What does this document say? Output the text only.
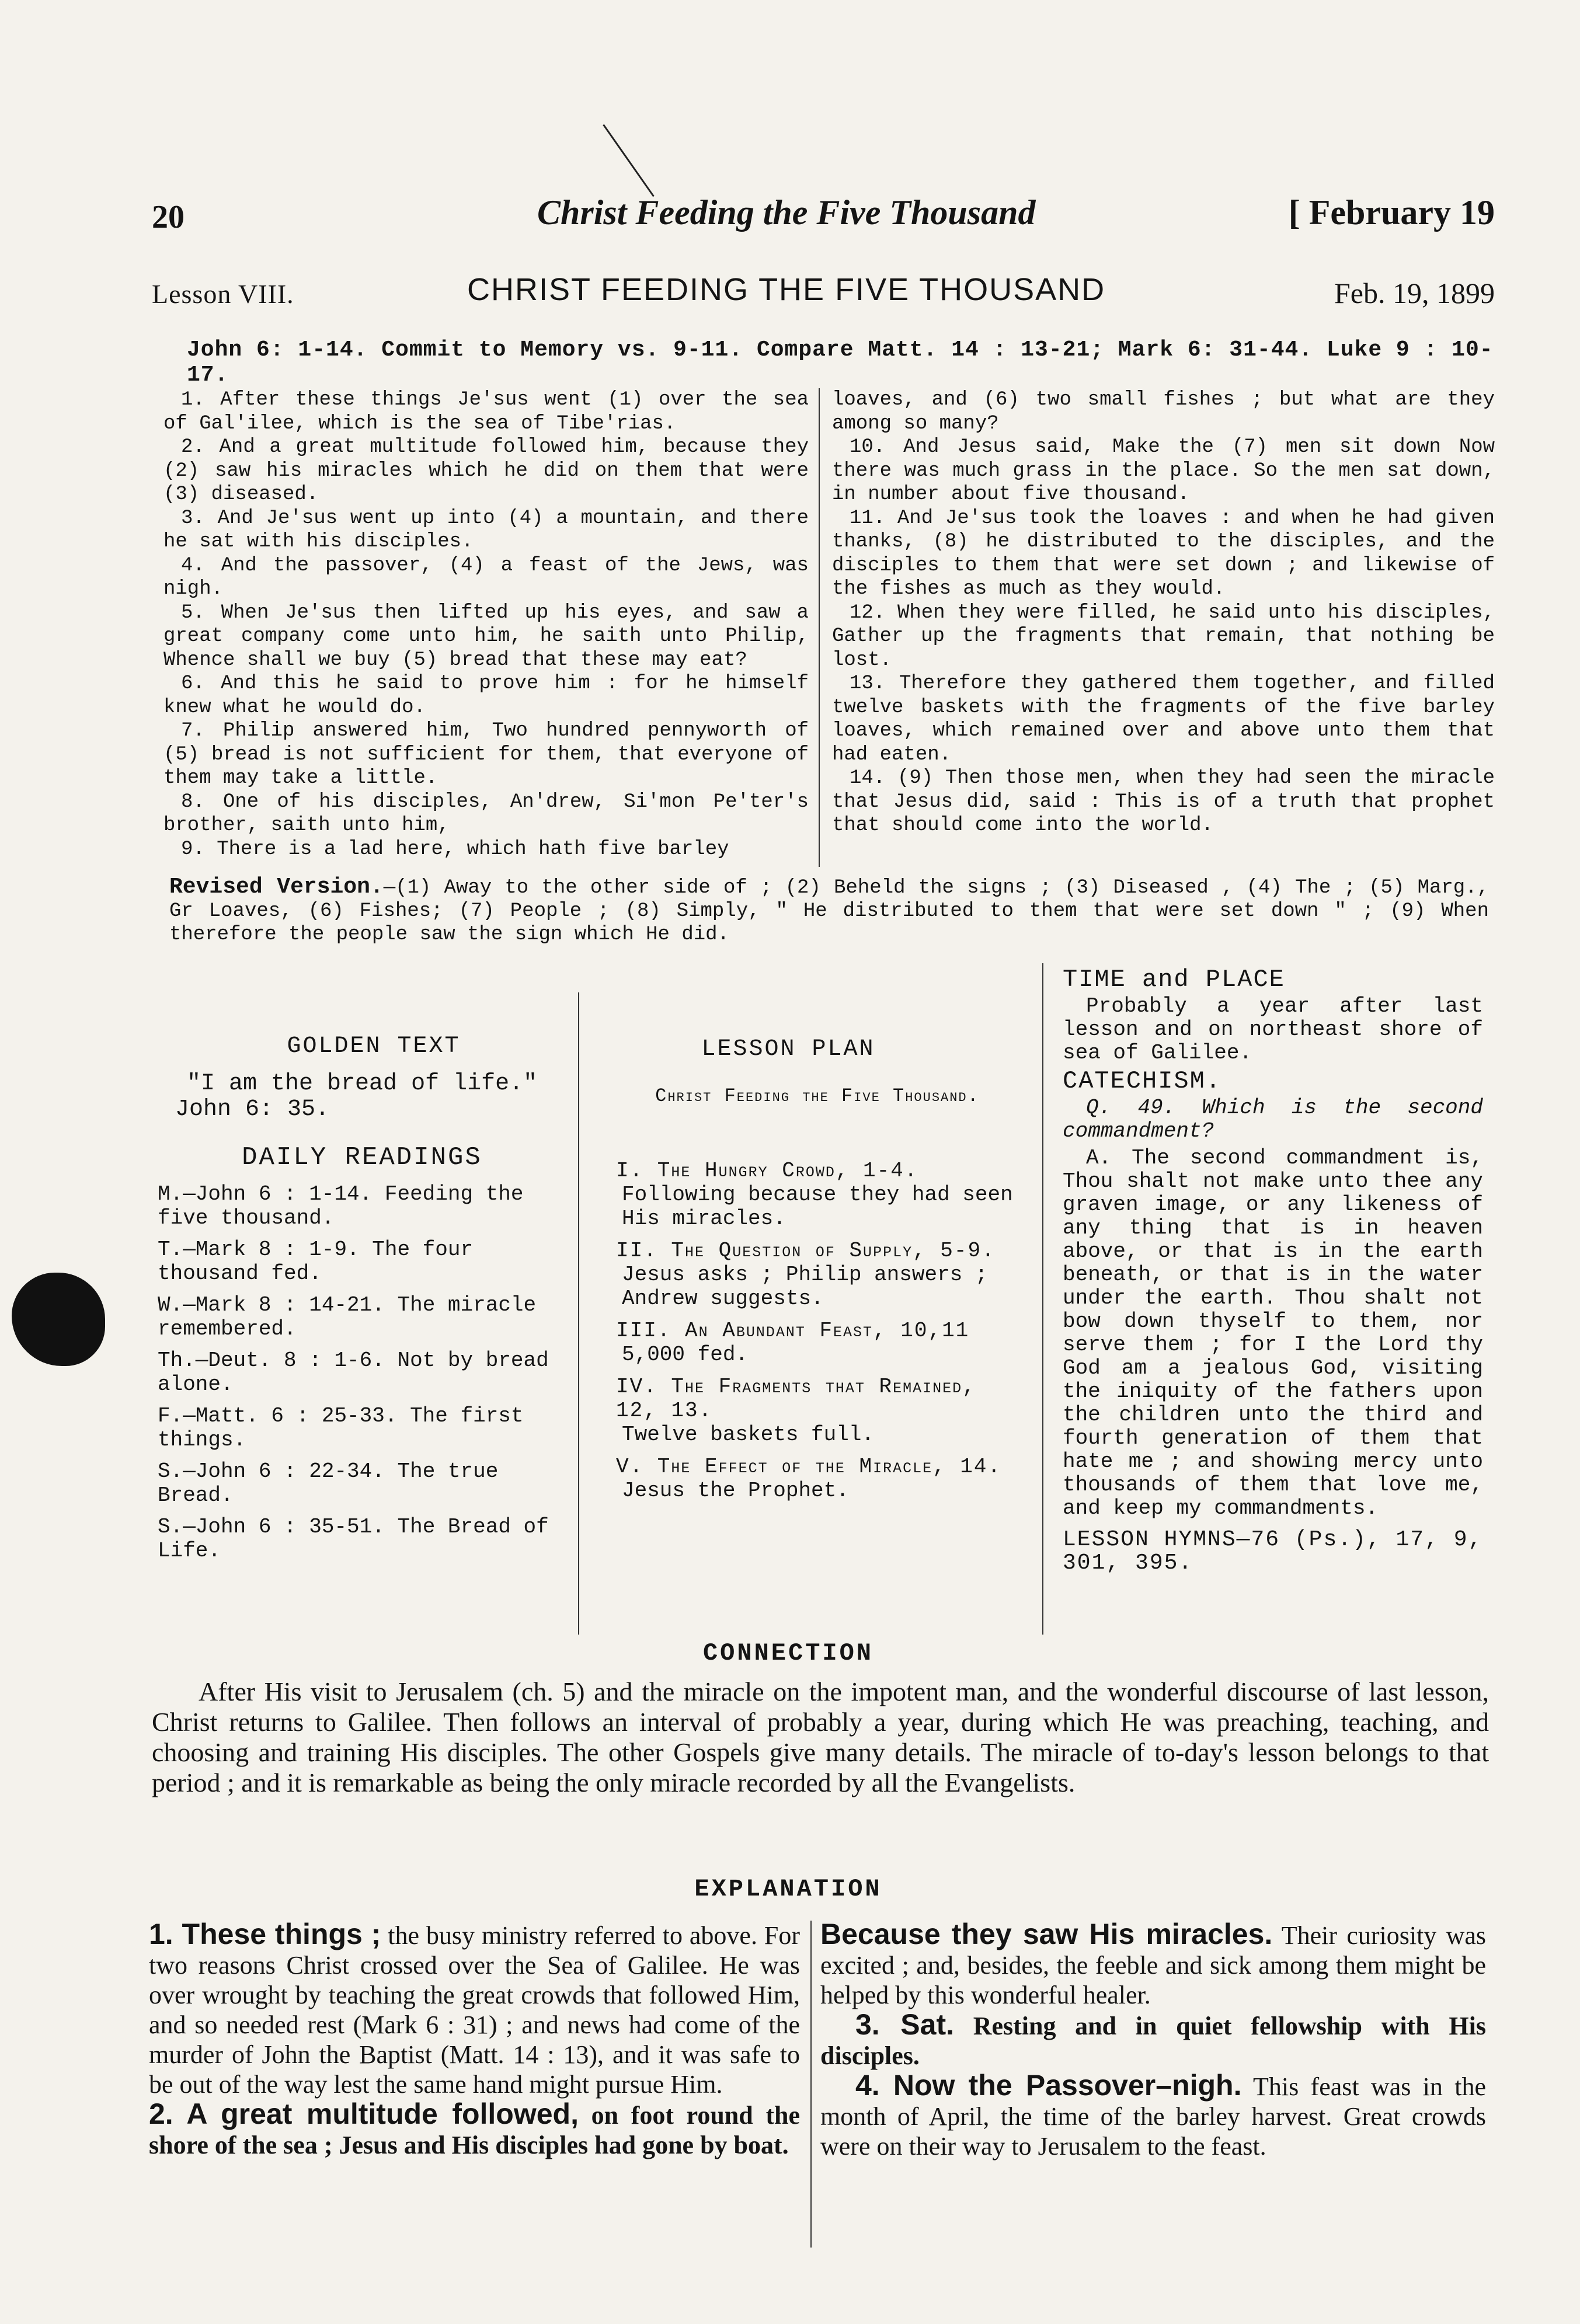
20	Christ Feeding the Five Thousand	[ February 19
Lesson VIII.	CHRIST FEEDING THE FIVE THOUSAND	Feb. 19, 1899
John 6: 1-14. Commit to Memory vs. 9-11. Compare Matt. 14 : 13-21; Mark 6: 31-44. Luke 9 : 10-17.

1. After these things Je'sus went (1) over the sea of Gal'ilee, which is the sea of Tibe'rias.

2. And a great multitude followed him, because they (2) saw his miracles which he did on them that were (3) diseased.

3. And Je'sus went up into (4) a mountain, and there he sat with his disciples.

4. And the passover, (4) a feast of the Jews, was nigh.

5. When Je'sus then lifted up his eyes, and saw a great company come unto him, he saith unto Philip, Whence shall we buy (5) bread that these may eat?

6. And this he said to prove him : for he himself knew what he would do.

7. Philip answered him, Two hundred pennyworth of (5) bread is not sufficient for them, that everyone of them may take a little.

8. One of his disciples, An'drew, Si'mon Pe'ter's brother, saith unto him,

9. There is a lad here, which hath five barley

loaves, and (6) two small fishes ; but what are they among so many?

10. And Jesus said, Make the (7) men sit down Now there was much grass in the place. So the men sat down, in number about five thousand.

11. And Je'sus took the loaves : and when he had given thanks, (8) he distributed to the disciples, and the disciples to them that were set down ; and likewise of the fishes as much as they would.

12. When they were filled, he said unto his disciples, Gather up the fragments that remain, that nothing be lost.

13. Therefore they gathered them together, and filled twelve baskets with the fragments of the five barley loaves, which remained over and above unto them that had eaten.

14. (9) Then those men, when they had seen the miracle that Jesus did, said : This is of a truth that prophet that should come into the world.

Revised Version.—(1) Away to the other side of ; (2) Beheld the signs ; (3) Diseased , (4) The ; (5) Marg., Gr Loaves, (6) Fishes; (7) People ; (8) Simply, " He distributed to them that were set down " ; (9) When therefore the people saw the sign which He did.
GOLDEN TEXT
"I am the bread of life."
John 6: 35.
DAILY READINGS
M.—John 6 : 1-14. Feeding the five thousand.
T.—Mark 8 : 1-9. The four thousand fed.
W.—Mark 8 : 14-21. The miracle remembered.
Th.—Deut. 8 : 1-6. Not by bread alone.
F.—Matt. 6 : 25-33. The first things.
S.—John 6 : 22-34. The true Bread.
S.—John 6 : 35-51. The Bread of Life.
LESSON PLAN
Christ Feeding the Five Thousand.
I. The Hungry Crowd, 1-4.
Following because they had seen His miracles.
II. The Question of Supply, 5-9.
Jesus asks ; Philip answers ; Andrew suggests.
III. An Abundant Feast, 10,11
5,000 fed.
IV. The Fragments that Remained, 12, 13.
Twelve baskets full.
V. The Effect of the Miracle, 14.
Jesus the Prophet.
TIME and PLACE

Probably a year after last lesson and on northeast shore of sea of Galilee.

CATECHISM.

Q. 49. Which is the second commandment?

A. The second commandment is, Thou shalt not make unto thee any graven image, or any likeness of any thing that is in heaven above, or that is in the earth beneath, or that is in the water under the earth. Thou shalt not bow down thyself to them, nor serve them ; for I the Lord thy God am a jealous God, visiting the iniquity of the fathers upon the children unto the third and fourth generation of them that hate me ; and showing mercy unto thousands of them that love me, and keep my commandments.

LESSON HYMNS—76 (Ps.), 17, 9, 301, 395.
CONNECTION
After His visit to Jerusalem (ch. 5) and the miracle on the impotent man, and the wonderful discourse of last lesson, Christ returns to Galilee. Then follows an interval of probably a year, during which He was preaching, teaching, and choosing and training His disciples. The other Gospels give many details. The miracle of to-day's lesson belongs to that period ; and it is remarkable as being the only miracle recorded by all the Evangelists.
EXPLANATION

1. These things ; the busy ministry referred to above. For two reasons Christ crossed over the Sea of Galilee. He was over wrought by teaching the great crowds that followed Him, and so needed rest (Mark 6 : 31) ; and news had come of the murder of John the Baptist (Matt. 14 : 13), and it was safe to be out of the way lest the same hand might pursue Him.

2. A great multitude followed, on foot round the shore of the sea ; Jesus and His disciples had gone by boat.

Because they saw His miracles. Their curiosity was excited ; and, besides, the feeble and sick among them might be helped by this wonderful healer.

3. Sat. Resting and in quiet fellowship with His disciples.

4. Now the Passover–nigh. This feast was in the month of April, the time of the barley harvest. Great crowds were on their way to Jerusalem to the feast.
